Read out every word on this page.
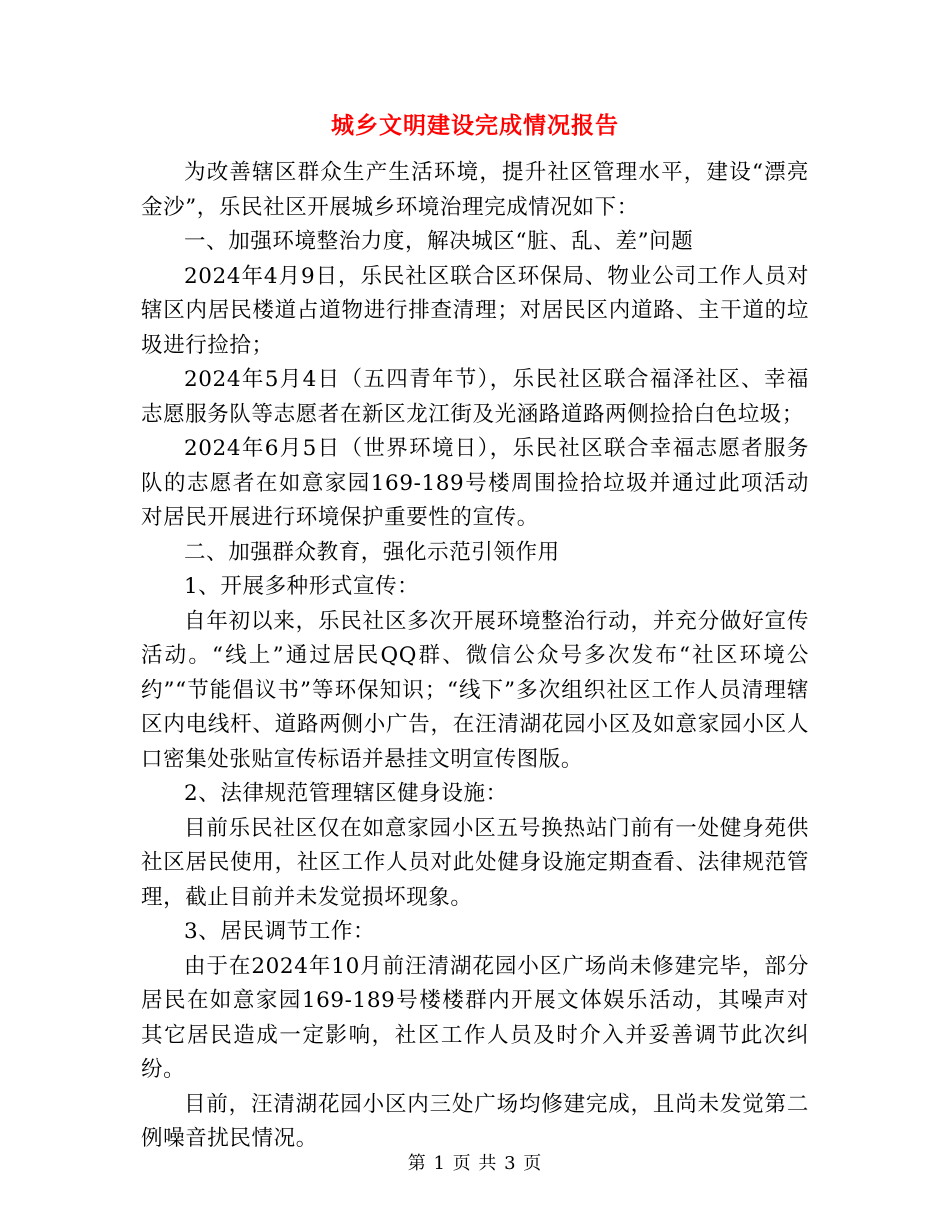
城乡文明建设完成情况报告

为改善辖区群众生产生活环境，提升社区管理水平，建设“漂亮金沙”，乐民社区开展城乡环境治理完成情况如下：

一、加强环境整治力度，解决城区“脏、乱、差”问题

2024年4月9日，乐民社区联合区环保局、物业公司工作人员对辖区内居民楼道占道物进行排查清理；对居民区内道路、主干道的垃圾进行捡拾；

2024年5月4日（五四青年节），乐民社区联合福泽社区、幸福志愿服务队等志愿者在新区龙江街及光涵路道路两侧捡拾白色垃圾；

2024年6月5日（世界环境日），乐民社区联合幸福志愿者服务队的志愿者在如意家园169-189号楼周围捡拾垃圾并通过此项活动对居民开展进行环境保护重要性的宣传。

二、加强群众教育，强化示范引领作用

1、开展多种形式宣传：

自年初以来，乐民社区多次开展环境整治行动，并充分做好宣传活动。“线上”通过居民QQ群、微信公众号多次发布“社区环境公约”“节能倡议书”等环保知识；“线下”多次组织社区工作人员清理辖区内电线杆、道路两侧小广告，在汪清湖花园小区及如意家园小区人口密集处张贴宣传标语并悬挂文明宣传图版。

2、法律规范管理辖区健身设施：

目前乐民社区仅在如意家园小区五号换热站门前有一处健身苑供社区居民使用，社区工作人员对此处健身设施定期查看、法律规范管理，截止目前并未发觉损坏现象。

3、居民调节工作：

由于在2024年10月前汪清湖花园小区广场尚未修建完毕，部分居民在如意家园169-189号楼楼群内开展文体娱乐活动，其噪声对其它居民造成一定影响，社区工作人员及时介入并妥善调节此次纠纷。

目前，汪清湖花园小区内三处广场均修建完成，且尚未发觉第二例噪音扰民情况。

第 1 页 共 3 页
